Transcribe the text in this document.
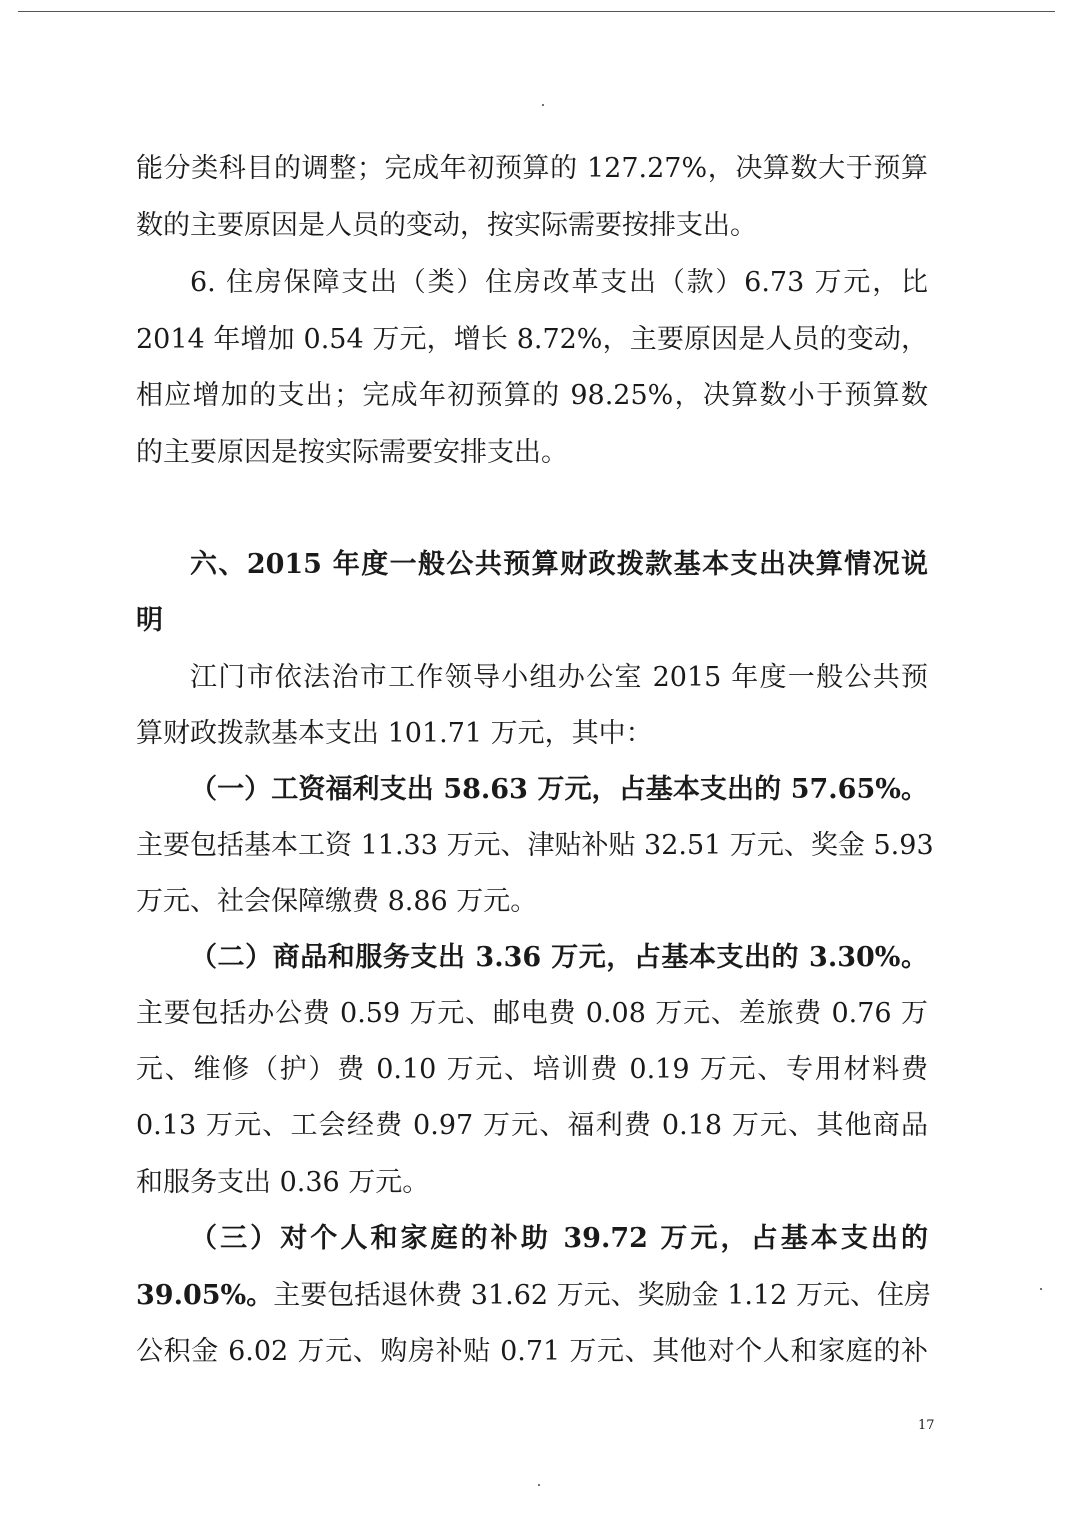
能分类科目的调整；完成年初预算的 127.27%，决算数大于预算
数的主要原因是人员的变动，按实际需要按排支出。
6. 住房保障支出（类）住房改革支出（款）6.73 万元，比
2014 年增加 0.54 万元，增长 8.72%，主要原因是人员的变动，
相应增加的支出；完成年初预算的 98.25%，决算数小于预算数
的主要原因是按实际需要安排支出。
六、2015 年度一般公共预算财政拨款基本支出决算情况说
明
江门市依法治市工作领导小组办公室 2015 年度一般公共预
算财政拨款基本支出 101.71 万元，其中：
（一）工资福利支出 58.63 万元，占基本支出的 57.65%。
主要包括基本工资 11.33 万元、津贴补贴 32.51 万元、奖金 5.93
万元、社会保障缴费 8.86 万元。
（二）商品和服务支出 3.36 万元，占基本支出的 3.30%。
主要包括办公费 0.59 万元、邮电费 0.08 万元、差旅费 0.76 万
元、维修（护）费 0.10 万元、培训费 0.19 万元、专用材料费
0.13 万元、工会经费 0.97 万元、福利费 0.18 万元、其他商品
和服务支出 0.36 万元。
（三）对个人和家庭的补助 39.72 万元，占基本支出的
39.05%。 主要包括退休费 31.62 万元、奖励金 1.12 万元、住房
公积金 6.02 万元、购房补贴 0.71 万元、其他对个人和家庭的补
17
